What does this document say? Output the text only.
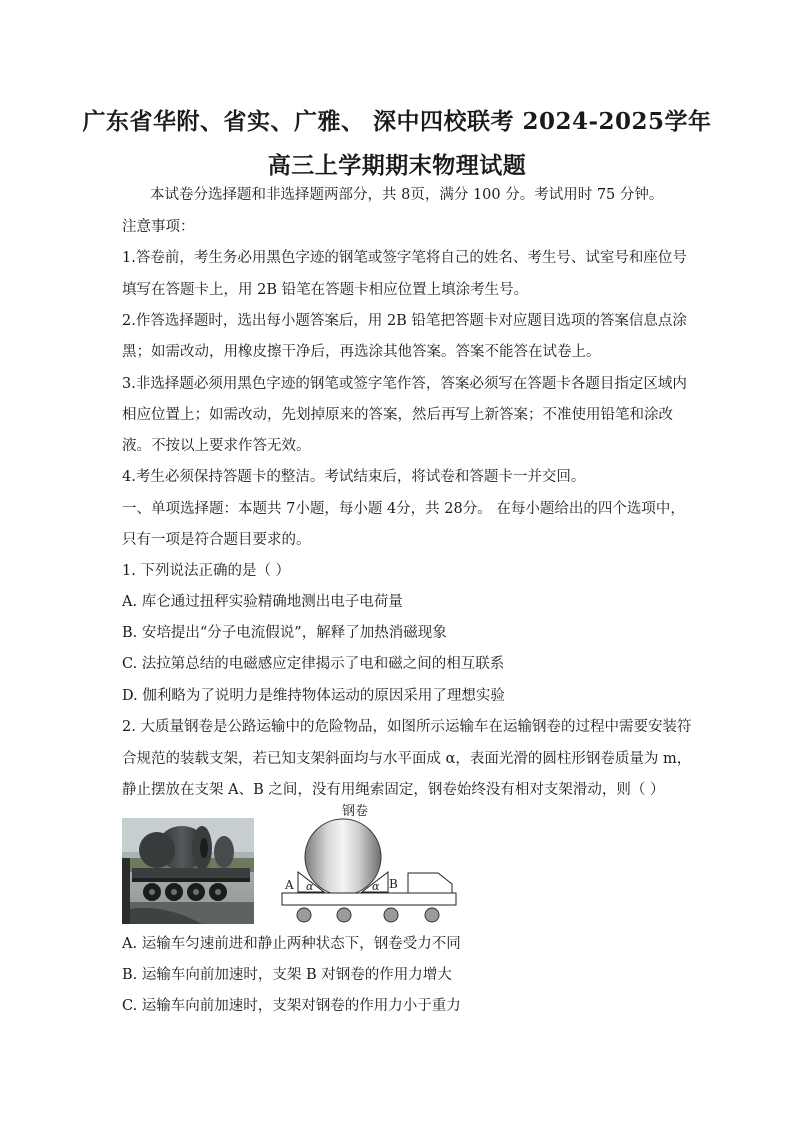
广东省华附、省实、广雅、 深中四校联考 2024-2025学年
高三上学期期末物理试题
本试卷分选择题和非选择题两部分，共 8页，满分 100 分。考试用时 75 分钟。
注意事项：
1.答卷前，考生务必用黑色字迹的钢笔或签字笔将自己的姓名、考生号、试室号和座位号
填写在答题卡上，用 2B 铅笔在答题卡相应位置上填涂考生号。
2.作答选择题时，选出每小题答案后，用 2B 铅笔把答题卡对应题目选项的答案信息点涂
黑；如需改动，用橡皮擦干净后，再选涂其他答案。答案不能答在试卷上。
3.非选择题必须用黑色字迹的钢笔或签字笔作答，答案必须写在答题卡各题目指定区域内
相应位置上；如需改动，先划掉原来的答案，然后再写上新答案；不准使用铅笔和涂改
液。不按以上要求作答无效。
4.考生必须保持答题卡的整洁。考试结束后，将试卷和答题卡一并交回。
一、单项选择题：本题共 7小题，每小题 4分，共 28分。 在每小题给出的四个选项中，
只有一项是符合题目要求的。
1. 下列说法正确的是（ ）
A. 库仑通过扭秤实验精确地测出电子电荷量
B. 安培提出“分子电流假说”，解释了加热消磁现象
C. 法拉第总结的电磁感应定律揭示了电和磁之间的相互联系
D. 伽利略为了说明力是维持物体运动的原因采用了理想实验
2. 大质量钢卷是公路运输中的危险物品，如图所示运输车在运输钢卷的过程中需要安装符
合规范的装载支架，若已知支架斜面均与水平面成 α，表面光滑的圆柱形钢卷质量为 m，
静止摆放在支架 A、B 之间，没有用绳索固定，钢卷始终没有相对支架滑动，则（ ）
钢卷
A	B
α	α
A. 运输车匀速前进和静止两种状态下，钢卷受力不同
B. 运输车向前加速时，支架 B 对钢卷的作用力增大
C. 运输车向前加速时，支架对钢卷的作用力小于重力
